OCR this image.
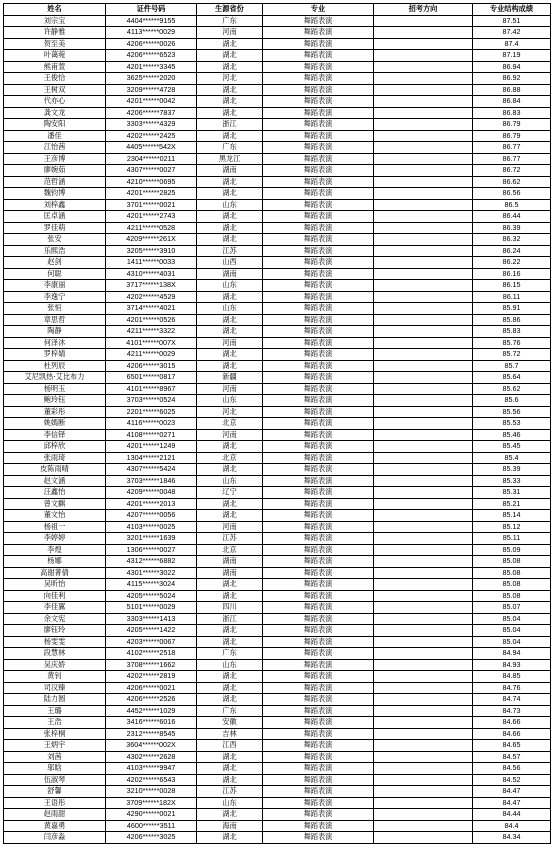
姓名	证件号码	生源省份	专业	招考方向	专业结构成绩
刘宗宝	4404******9155	广东	舞蹈表演		87.51
许静雅	4113******0029	河南	舞蹈表演		87.42
贺至美	4206******0026	湖北	舞蹈表演		87.4
叶蔼菀	4206******6523	湖北	舞蹈表演		87.19
熊甫萱	4201******3345	湖北	舞蹈表演		86.94
王俊恰	3625******2020	河北	舞蹈表演		86.92
王树双	3209******4728	湖北	舞蹈表演		86.88
代亦心	4201******0042	湖北	舞蹈表演		86.84
龚文龙	4206******7837	湖北	舞蹈表演		86.83
陶安阳	3303******4329	浙江	舞蹈表演		86.79
潘佳	4202******2425	湖北	舞蹈表演		86.79
江怡茜	4405******542X	广东	舞蹈表演		86.77
王彦博	2304******0211	黑龙江	舞蹈表演		86.77
廖婉茹	4307******0027	湖南	舞蹈表演		86.72
范哲涵	4210******0695	湖北	舞蹈表演		86.62
魏钧博	4201******2825	湖北	舞蹈表演		86.56
刘梓鑫	3701******0021	山东	舞蹈表演		86.5
匡卓涵	4201******2743	湖北	舞蹈表演		86.44
罗佳萌	4211******0528	湖北	舞蹈表演		86.39
张安	4209******261X	湖北	舞蹈表演		86.32
乐熙浩	3205******3910	江苏	舞蹈表演		86.24
赵剑	1411******0033	山西	舞蹈表演		86.22
何聪	4310******4031	湖南	舞蹈表演		86.16
李康丽	3717******138X	山东	舞蹈表演		86.15
李逸宁	4202******4529	湖北	舞蹈表演		86.11
张恒	3714******4021	山东	舞蹈表演		85.91
章思哲	4201******0526	湖北	舞蹈表演		85.86
陶静	4211******3322	湖北	舞蹈表演		85.83
何泽沐	4101******007X	河南	舞蹈表演		85.76
罗梓婧	4211******0029	湖北	舞蹈表演		85.72
杜列辰	4206******3015	湖北	舞蹈表演		85.7
艾尼凯热·艾比布力	6501******0817	新疆	舞蹈表演		85.64
杨明玉	4101******8967	河南	舞蹈表演		85.62
鲍玲钰	3703******0524	山东	舞蹈表演		85.6
董彩彤	2201******6025	河北	舞蹈表演		85.56
姚嫣断	4116******0023	北京	舞蹈表演		85.53
李信铎	4108******0271	河南	舞蹈表演		85.46
邱梓欣	4201******1249	湖北	舞蹈表演		85.45
张雨琦	1304******2121	北京	舞蹈表演		85.4
皮陈雨晴	4307******5424	湖北	舞蹈表演		85.39
赵文涵	3703******1846	山东	舞蹈表演		85.33
汪鑫怡	4209******0048	辽宁	舞蹈表演		85.31
曾文麒	4201******2013	湖北	舞蹈表演		85.21
董文怡	4207******0056	湖北	舞蹈表演		85.14
杨祖一	4103******0025	河南	舞蹈表演		85.12
李婷婷	3201******1639	江苏	舞蹈表演		85.11
李煌	1306******0027	北京	舞蹈表演		85.09
杨娜	4312******6882	湖南	舞蹈表演		85.08
高谢菁倩	4301******3022	湖南	舞蹈表演		85.08
吴昕怡	4115******3024	湖北	舞蹈表演		85.08
向佳利	4205******5024	湖北	舞蹈表演		85.08
李佳翼	5101******0029	四川	舞蹈表演		85.07
余文宪	3303******1413	浙江	舞蹈表演		85.04
廖钰玲	4205******1422	湖北	舞蹈表演		85.04
杨雯雯	4203******0067	湖北	舞蹈表演		85.04
段慧林	4102******2518	广东	舞蹈表演		84.94
吴庆娇	3708******1662	山东	舞蹈表演		84.93
黄钊	4202******2819	湖北	舞蹈表演		84.85
司汉臻	4206******0021	湖北	舞蹈表演		84.76
陆力圆	4206******2526	湖北	舞蹈表演		84.74
王璐	4452******1029	广东	舞蹈表演		84.73
王浩	3416******6016	安徽	舞蹈表演		84.66
张梓桐	2312******8545	吉林	舞蹈表演		84.66
王炳宇	3604******002X	江西	舞蹈表演		84.65
刘茜	4302******2628	湖北	舞蹈表演		84.57
邬晗	4103******9947	湖北	舞蹈表演		84.56
伍淑琴	4202******6543	湖北	舞蹈表演		84.52
舒馨	3210******0028	江苏	舞蹈表演		84.47
王语彤	3709******182X	山东	舞蹈表演		84.47
赵雨甜	4290******0021	湖北	舞蹈表演		84.44
黄嘉勇	4600******3511	海南	舞蹈表演		84.4
闫彦淼	4206******3025	湖北	舞蹈表演		84.34
